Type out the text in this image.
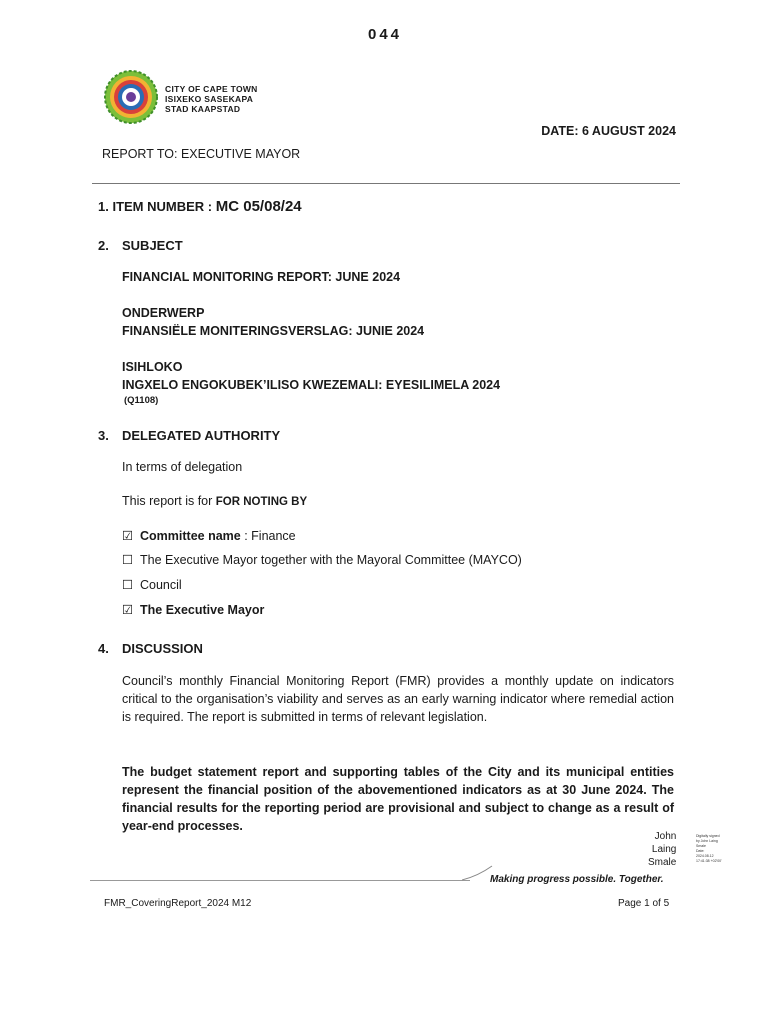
044
CITY OF CAPE TOWN
ISIXEKO SASEKAPA
STAD KAAPSTAD
DATE: 6 AUGUST 2024
REPORT TO: EXECUTIVE MAYOR
1. ITEM NUMBER : MC 05/08/24
2. SUBJECT
FINANCIAL MONITORING REPORT: JUNE 2024
ONDERWERP
FINANSIËLE MONITERINGSVERSLAG: JUNIE 2024
ISIHLOKO
INGXELO ENGOKUBEK’ILISO KWEZEMALI: EYESILIMELA 2024
(Q1108)
3. DELEGATED AUTHORITY
In terms of delegation
This report is for FOR NOTING BY
☑ Committee name : Finance
☐ The Executive Mayor together with the Mayoral Committee (MAYCO)
☐ Council
☑ The Executive Mayor
4. DISCUSSION
Council’s monthly Financial Monitoring Report (FMR) provides a monthly update on indicators critical to the organisation’s viability and serves as an early warning indicator where remedial action is required. The report is submitted in terms of relevant legislation.
The budget statement report and supporting tables of the City and its municipal entities represent the financial position of the abovementioned indicators as at 30 June 2024. The financial results for the reporting period are provisional and subject to change as a result of year-end processes.
John
Laing
Smale
Digitally signed
by John Laing
Smale
Date:
2024.08.12
17:41:38 +02'00'
Making progress possible. Together.
FMR_CoveringReport_2024 M12	Page 1 of 5
